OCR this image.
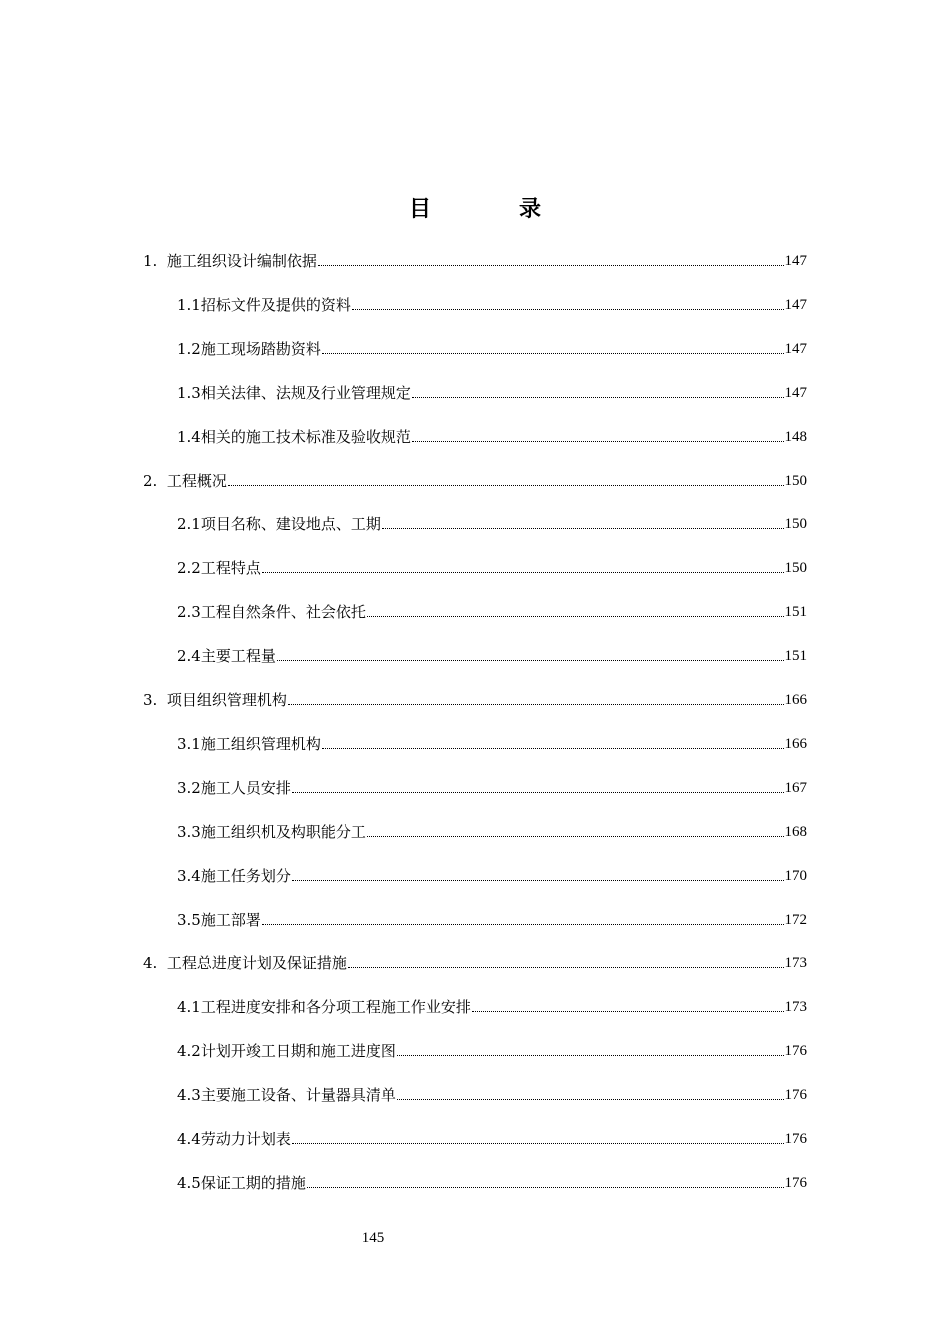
目	录
1. 施工组织设计编制依据	147
1.1 招标文件及提供的资料	147
1.2 施工现场踏勘资料	147
1.3 相关法律、法规及行业管理规定	147
1.4 相关的施工技术标准及验收规范	148
2. 工程概况	150
2.1 项目名称、建设地点、工期	150
2.2 工程特点	150
2.3 工程自然条件、社会依托	151
2.4 主要工程量	151
3. 项目组织管理机构	166
3.1 施工组织管理机构	166
3.2 施工人员安排	167
3.3 施工组织机及构职能分工	168
3.4 施工任务划分	170
3.5 施工部署	172
4. 工程总进度计划及保证措施	173
4.1 工程进度安排和各分项工程施工作业安排	173
4.2 计划开竣工日期和施工进度图	176
4.3 主要施工设备、计量器具清单	176
4.4 劳动力计划表	176
4.5 保证工期的措施	176
145
